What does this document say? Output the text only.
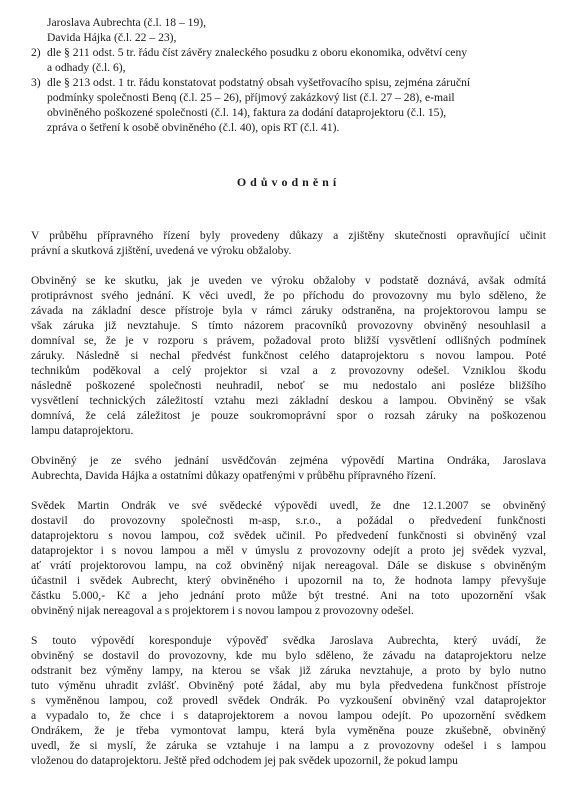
Jaroslava Aubrechta (č.l. 18 – 19),
Davida Hájka (č.l. 22 – 23),
2) dle § 211 odst. 5 tr. řádu číst závěry znaleckého posudku z oboru ekonomika, odvětví ceny
a odhady (č.l. 6),
3) dle § 213 odst. 1 tr. řádu konstatovat podstatný obsah vyšetřovacího spisu, zejména záruční
podmínky společnosti Benq (č.l. 25 – 26), příjmový zakázkový list (č.l. 27 – 28), e-mail
obviněného poškozené společnosti (č.l. 14), faktura za dodání dataprojektoru (č.l. 15),
zpráva o šetření k osobě obviněného (č.l. 40), opis RT (č.l. 41).
Odůvodnění
V průběhu přípravného řízení byly provedeny důkazy a zjištěny skutečnosti opravňující učinit
právní a skutková zjištění, uvedená ve výroku obžaloby.
Obviněný se ke skutku, jak je uveden ve výroku obžaloby v podstatě doznává, avšak odmítá
protiprávnost svého jednání. K věci uvedl, že po příchodu do provozovny mu bylo sděleno, že
závada na základní desce přístroje byla v rámci záruky odstraněna, na projektorovou lampu se
však záruka již nevztahuje. S tímto názorem pracovníků provozovny obviněný nesouhlasil a
domníval se, že je v rozporu s právem, požadoval proto bližší vysvětlení odlišných podmínek
záruky. Následně si nechal předvést funkčnost celého dataprojektoru s novou lampou. Poté
technikům poděkoval a celý projektor si vzal a z provozovny odešel. Vzniklou škodu
následně poškozené společnosti neuhradil, neboť se mu nedostalo ani posléze bližšího
vysvětlení technických záležitostí vztahu mezi základní deskou a lampou. Obviněný se však
domnívá, že celá záležitost je pouze soukromoprávní spor o rozsah záruky na poškozenou
lampu dataprojektoru.
Obviněný je ze svého jednání usvědčován zejména výpovědí Martina Ondráka, Jaroslava
Aubrechta, Davida Hájka a ostatními důkazy opatřenými v průběhu přípravného řízení.
Svědek Martin Ondrák ve své svědecké výpovědi uvedl, že dne 12.1.2007 se obviněný
dostavil do provozovny společnosti m-asp, s.r.o., a požádal o předvedení funkčnosti
dataprojektoru s novou lampou, což svědek učinil. Po předvedení funkčnosti si obviněný vzal
dataprojektor i s novou lampou a měl v úmyslu z provozovny odejít a proto jej svědek vyzval,
ať vrátí projektorovou lampu, na což obviněný nijak nereagoval. Dále se diskuse s obviněným
účastnil i svědek Aubrecht, který obviněného i upozornil na to, že hodnota lampy převyšuje
částku 5.000,- Kč a jeho jednání proto může být trestné. Ani na toto upozornění však
obviněný nijak nereagoval a s projektorem i s novou lampou z provozovny odešel.
S touto výpovědí koresponduje výpověď svědka Jaroslava Aubrechta, který uvádí, že
obviněný se dostavil do provozovny, kde mu bylo sděleno, že závadu na dataprojektoru nelze
odstranit bez výměny lampy, na kterou se však již záruka nevztahuje, a proto by bylo nutno
tuto výměnu uhradit zvlášť. Obviněný poté žádal, aby mu byla předvedena funkčnost přístroje
s vyměněnou lampou, což provedl svědek Ondrák. Po vyzkoušení obviněný vzal dataprojektor
a vypadalo to, že chce i s dataprojektorem a novou lampou odejít. Po upozornění svědkem
Ondrákem, že je třeba vymontovat lampu, která byla vyměněna pouze zkušebně, obviněný
uvedl, že si myslí, že záruka se vztahuje i na lampu a z provozovny odešel i s lampou
vloženou do dataprojektoru. Ještě před odchodem jej pak svědek upozornil, že pokud lampu
